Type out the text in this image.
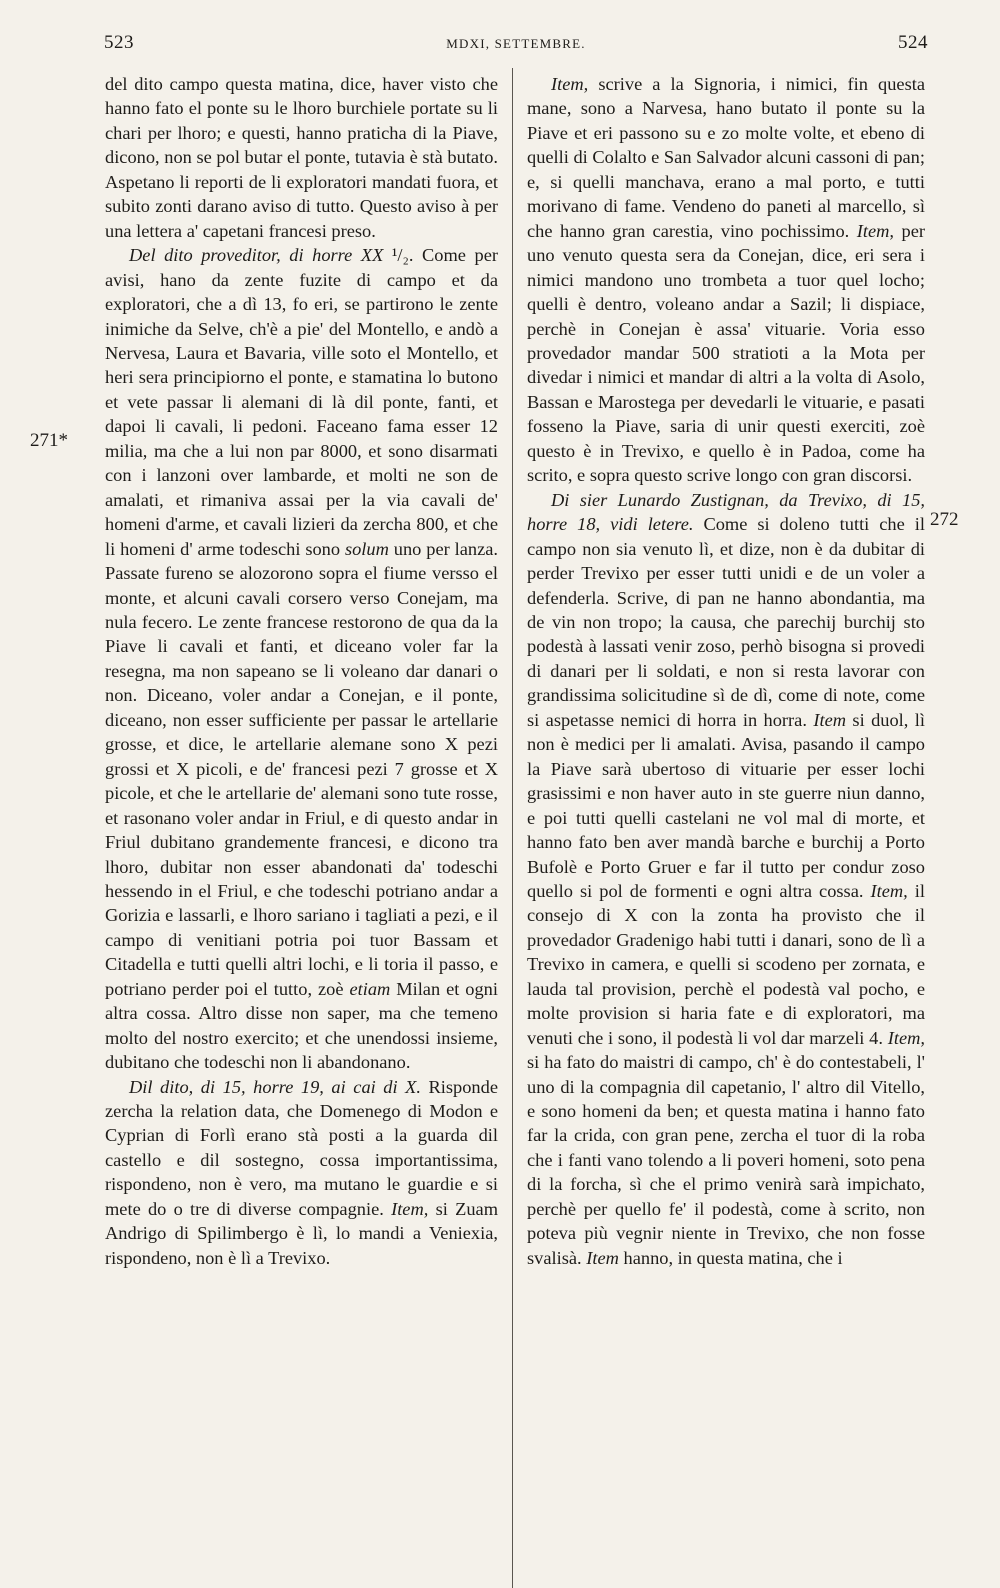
523	MDXI, SETTEMBRE.	524
271*
272

del dito campo questa matina, dice, haver visto che hanno fato el ponte su le lhoro burchiele portate su li chari per lhoro; e questi, hanno praticha di la Piave, dicono, non se pol butar el ponte, tutavia è stà butato. Aspetano li reporti de li exploratori mandati fuora, et subito zonti darano aviso di tutto. Questo aviso à per una lettera a' capetani francesi preso.

Del dito proveditor, di horre XX ¹/₂. Come per avisi, hano da zente fuzite di campo et da exploratori, che a dì 13, fo eri, se partirono le zente inimiche da Selve, ch'è a pie' del Montello, e andò a Nervesa, Laura et Bavaria, ville soto el Montello, et heri sera principiorno el ponte, e stamatina lo butono et vete passar li alemani di là dil ponte, fanti, et dapoi li cavali, li pedoni. Faceano fama esser 12 milia, ma che a lui non par 8000, et sono disarmati con i lanzoni over lambarde, et molti ne son de amalati, et rimaniva assai per la via cavali de' homeni d'arme, et cavali lizieri da zercha 800, et che li homeni d' arme todeschi sono solum uno per lanza. Passate fureno se alozorono sopra el fiume versso el monte, et alcuni cavali corsero verso Conejam, ma nula fecero. Le zente francese restorono de qua da la Piave li cavali et fanti, et diceano voler far la resegna, ma non sapeano se li voleano dar danari o non. Diceano, voler andar a Conejan, e il ponte, diceano, non esser sufficiente per passar le artellarie grosse, et dice, le artellarie alemane sono X pezi grossi et X picoli, e de' francesi pezi 7 grosse et X picole, et che le artellarie de' alemani sono tute rosse, et rasonano voler andar in Friul, e di questo andar in Friul dubitano grandemente francesi, e dicono tra lhoro, dubitar non esser abandonati da' todeschi hessendo in el Friul, e che todeschi potriano andar a Gorizia e lassarli, e lhoro sariano i tagliati a pezi, e il campo di venitiani potria poi tuor Bassam et Citadella e tutti quelli altri lochi, e li toria il passo, e potriano perder poi el tutto, zoè etiam Milan et ogni altra cossa. Altro disse non saper, ma che temeno molto del nostro exercito; et che unendossi insieme, dubitano che todeschi non li abandonano.

Dil dito, di 15, horre 19, ai cai di X. Risponde zercha la relation data, che Domenego di Modon e Cyprian di Forlì erano stà posti a la guarda dil castello e dil sostegno, cossa importantissima, rispondeno, non è vero, ma mutano le guardie e si mete do o tre di diverse compagnie. Item, si Zuam Andrigo di Spilimbergo è lì, lo mandi a Veniexia, rispondeno, non è lì a Trevixo.

Item, scrive a la Signoria, i nimici, fin questa mane, sono a Narvesa, hano butato il ponte su la Piave et eri passono su e zo molte volte, et ebeno di quelli di Colalto e San Salvador alcuni cassoni di pan; e, si quelli manchava, erano a mal porto, e tutti morivano di fame. Vendeno do paneti al marcello, sì che hanno gran carestia, vino pochissimo. Item, per uno venuto questa sera da Conejan, dice, eri sera i nimici mandono uno trombeta a tuor quel locho; quelli è dentro, voleano andar a Sazil; li dispiace, perchè in Conejan è assa' vituarie. Voria esso provedador mandar 500 stratioti a la Mota per divedar i nimici et mandar di altri a la volta di Asolo, Bassan e Marostega per devedarli le vituarie, e pasati fosseno la Piave, saria di unir questi exerciti, zoè questo è in Trevixo, e quello è in Padoa, come ha scrito, e sopra questo scrive longo con gran discorsi.

Di sier Lunardo Zustignan, da Trevixo, di 15, horre 18, vidi letere. Come si doleno tutti che il campo non sia venuto lì, et dize, non è da dubitar di perder Trevixo per esser tutti unidi e de un voler a defenderla. Scrive, di pan ne hanno abondantia, ma de vin non tropo; la causa, che parechij burchij sto podestà à lassati venir zoso, perhò bisogna si provedi di danari per li soldati, e non si resta lavorar con grandissima solicitudine sì de dì, come di note, come si aspetasse nemici di horra in horra. Item si duol, lì non è medici per li amalati. Avisa, pasando il campo la Piave sarà ubertoso di vituarie per esser lochi grasissimi e non haver auto in ste guerre niun danno, e poi tutti quelli castelani ne vol mal di morte, et hanno fato ben aver mandà barche e burchij a Porto Bufolè e Porto Gruer e far il tutto per condur zoso quello si pol de formenti e ogni altra cossa. Item, il consejo di X con la zonta ha provisto che il provedador Gradenigo habi tutti i danari, sono de lì a Trevixo in camera, e quelli si scodeno per zornata, e lauda tal provision, perchè el podestà val pocho, e molte provision si haria fate e di exploratori, ma venuti che i sono, il podestà li vol dar marzeli 4. Item, si ha fato do maistri di campo, ch' è do contestabeli, l' uno di la compagnia dil capetanio, l' altro dil Vitello, e sono homeni da ben; et questa matina i hanno fato far la crida, con gran pene, zercha el tuor di la roba che i fanti vano tolendo a li poveri homeni, soto pena di la forcha, sì che el primo venirà sarà impichato, perchè per quello fe' il podestà, come à scrito, non poteva più vegnir niente in Trevixo, che non fosse svalisà. Item hanno, in questa matina, che i
